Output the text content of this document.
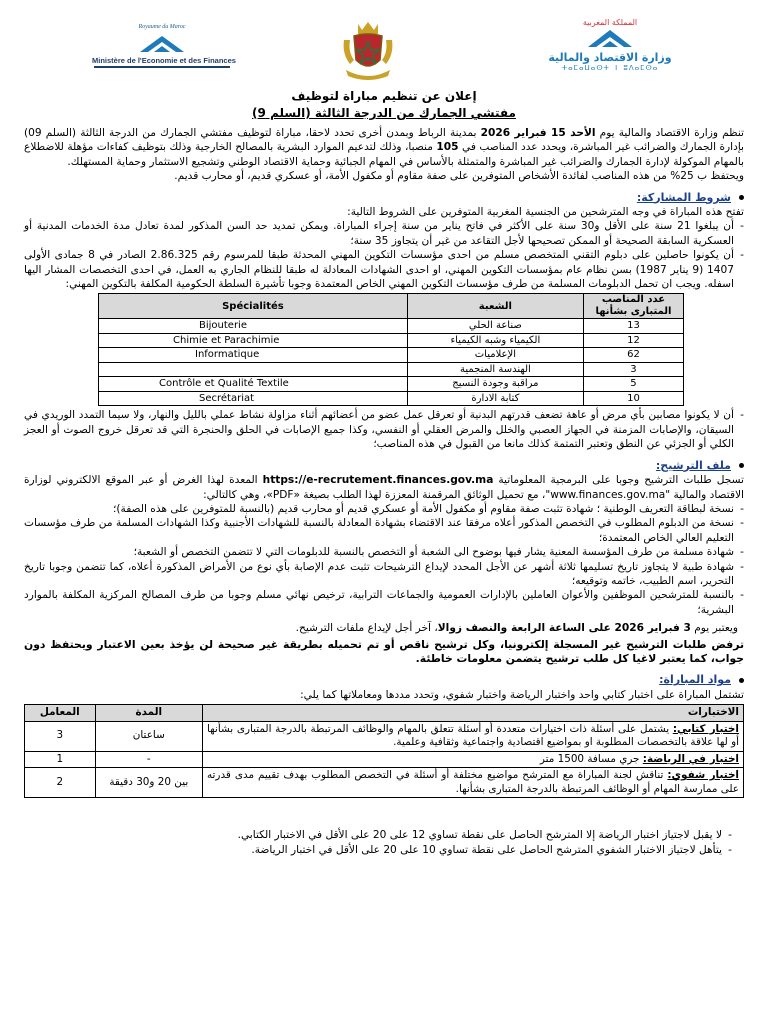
Royaume du Maroc
Ministère de l'Economie et des Finances
المملكة المغربية
وزارة الاقتصاد والمالية
ⵜⴰⵎⴰⵡⴰⵙⵜ ⵏ ⵓⴷⴰⵎⵙⴰ
إعلان عن تنظيم مباراة لتوظيف
مفتشي الجمارك من الدرجة الثالثة (السلم 9)

تنظم وزارة الاقتصاد والمالية يوم الأحد 15 فبراير 2026 بمدينة الرباط وبمدن أخرى تحدد لاحقا، مباراة لتوظيف مفتشي الجمارك من الدرجة الثالثة (السلم 09) بإدارة الجمارك والضرائب غير المباشرة، ويحدد عدد المناصب في 105 منصبا، وذلك لتدعيم الموارد البشرية بالمصالح الخارجية وذلك بتوظيف كفاءات مؤهلة للاضطلاع بالمهام الموكولة لإدارة الجمارك والضرائب غير المباشرة والمتمثلة بالأساس في المهام الجبائية وحماية الاقتصاد الوطني وتشجيع الاستثمار وحماية المستهلك.

ويحتفظ ب 25% من هذه المناصب لفائدة الأشخاص المتوفرين على صفة مقاوم أو مكفول الأمة، أو عسكري قديم، أو محارب قديم.

شروط المشاركة:

تفتح هذه المباراة في وجه المترشحين من الجنسية المغربية المتوفرين على الشروط التالية:

- أن يبلغوا 21 سنة على الأقل و30 سنة على الأكثر في فاتح يناير من سنة إجراء المباراة. ويمكن تمديد حد السن المذكور لمدة تعادل مدة الخدمات المدنية أو العسكرية السابقة الصحيحة أو الممكن تصحيحها لأجل التقاعد من غير أن يتجاوز 35 سنة؛
- أن يكونوا حاصلين على دبلوم التقني المتخصص مسلم من احدى مؤسسات التكوين المهني المحدثة طبقا للمرسوم رقم 2.86.325 الصادر في 8 جمادى الأولى 1407 (9 يناير 1987) بسن نظام عام بمؤسسات التكوين المهني، او احدى الشهادات المعادلة له طبقا للنظام الجاري به العمل، في احدى التخصصات المشار اليها اسفله. ويجب ان تحمل الدبلومات المسلمة من طرف مؤسسات التكوين المهني الخاص المعتمدة وجوبا تأشيرة السلطة الحكومية المكلفة بالتكوين المهني:
Spécialités	الشعبة	عدد المناصب المتبارى بشأنها
Bijouterie	صناعة الحلي	13
Chimie et Parachimie	الكيمياء وشبه الكيمياء	12
Informatique	الإعلاميات	62
	الهندسة المنجمية	3
Contrôle et Qualité Textile	مراقبة وجودة النسيج	5
Secrétariat	كتابة الادارة	10
- أن لا يكونوا مصابين بأي مرض أو عاهة تضعف قدرتهم البدنية أو تعرقل عمل عضو من أعضائهم أثناء مزاولة نشاط عملي بالليل والنهار، ولا سيما التمدد الوريدي في السيقان، والإصابات المزمنة في الجهاز العصبي والخلل والمرض العقلي أو النفسي، وكذا جميع الإصابات في الحلق والحنجرة التي قد تعرقل خروج الصوت أو العجز الكلي أو الجزئي عن النطق وتعتبر التمتمة كذلك مانعا من القبول في هذه المناصب؛
ملف الترشيح:

تسجل طلبات الترشيح وجوبا على البرمجية المعلوماتية https://e-recrutement.finances.gov.ma المعدة لهذا الغرض أو عبر الموقع الالكتروني لوزارة الاقتصاد والمالية "www.finances.gov.ma"، مع تحميل الوثائق المرقمنة المعززة لهذا الطلب بصيغة «PDF»، وهي كالتالي:

- نسخة لبطاقة التعريف الوطنية ؛ شهادة تثبت صفة مقاوم أو مكفول الأمة أو عسكري قديم أو محارب قديم (بالنسبة للمتوفرين على هذه الصفة)؛
- نسخة من الدبلوم المطلوب في التخصص المذكور أعلاه مرفقا عند الاقتضاء بشهادة المعادلة بالنسبة للشهادات الأجنبية وكذا الشهادات المسلمة من طرف مؤسسات التعليم العالي الخاص المعتمدة؛
- شهادة مسلمة من طرف المؤسسة المعنية يشار فيها بوضوح الى الشعبة أو التخصص بالنسبة للدبلومات التي لا تتضمن التخصص أو الشعبة؛
- شهادة طبية لا يتجاوز تاريخ تسليمها ثلاثة أشهر عن الأجل المحدد لإيداع الترشيحات تثبت عدم الإصابة بأي نوع من الأمراض المذكورة أعلاه، كما تتضمن وجوبا تاريخ التحرير، اسم الطبيب، خاتمه وتوقيعه؛
- بالنسبة للمترشحين الموظفين والأعوان العاملين بالإدارات العمومية والجماعات الترابية، ترخيص نهائي مسلم وجوبا من طرف المصالح المركزية المكلفة بالموارد البشرية؛

ويعتبر يوم 3 فبراير 2026 على الساعة الرابعة والنصف زوالا، آخر أجل لإيداع ملفات الترشيح.

ترفض طلبات الترشيح غير المسجلة إلكترونيا، وكل ترشيح ناقص أو تم تحميله بطريقة غير صحيحة لن يؤخذ بعين الاعتبار ويحتفظ دون جواب، كما يعتبر لاغيا كل طلب ترشيح يتضمن معلومات خاطئة.

مواد المباراة:

تشتمل المباراة على اختبار كتابي واحد واختبار الرياضة واختبار شفوي، وتحدد مددها ومعاملاتها كما يلي:

الاختبارات	المدة	المعامل
اختبار كتابي: يشتمل على أسئلة ذات اختيارات متعددة أو أسئلة تتعلق بالمهام والوظائف المرتبطة بالدرجة المتبارى بشأنها أو لها علاقة بالتخصصات المطلوبة او بمواضيع اقتصادية واجتماعية وثقافية وعلمية.	ساعتان	3
اختبار في الرياضة: جري مسافة 1500 متر	-	1
اختبار شفوي: تناقش لجنة المباراة مع المترشح مواضيع مختلفة أو أسئلة في التخصص المطلوب بهدف تقييم مدى قدرته على ممارسة المهام أو الوظائف المرتبطة بالدرجة المتبارى بشأنها.	بين 20 و30 دقيقة	2
- لا يقبل لاجتياز اختبار الرياضة إلا المترشح الحاصل على نقطة تساوي 12 على 20 على الأقل في الاختبار الكتابي.
- يتأهل لاجتياز الاختبار الشفوي المترشح الحاصل على نقطة تساوي 10 على 20 على الأقل في اختبار الرياضة.
